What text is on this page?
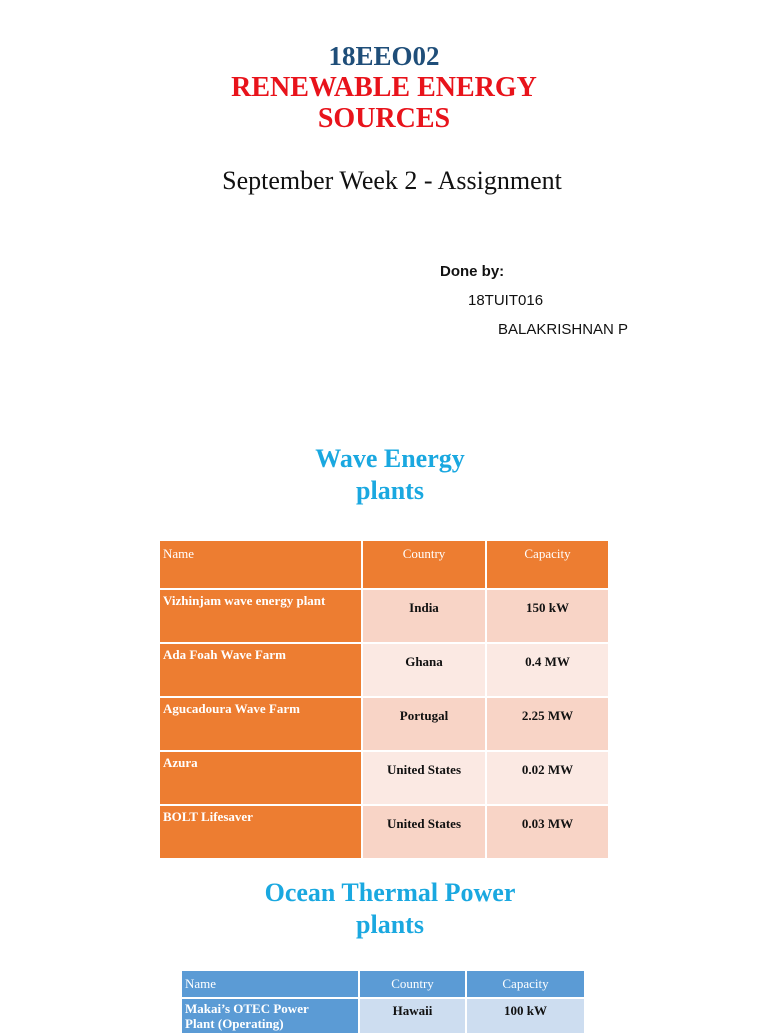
18EEO02
RENEWABLE ENERGY
SOURCES
September Week 2 - Assignment
Done by:
18TUIT016
BALAKRISHNAN P
Wave Energy
plants
Name	Country	Capacity
Vizhinjam wave energy plant	India	150 kW
Ada Foah Wave Farm	Ghana	0.4 MW
Agucadoura Wave Farm	Portugal	2.25 MW
Azura	United States	0.02 MW
BOLT Lifesaver	United States	0.03 MW
Ocean Thermal Power
plants
Name	Country	Capacity

Makai’s OTEC Power
Plant (Operating)	Hawaii	100 kW
